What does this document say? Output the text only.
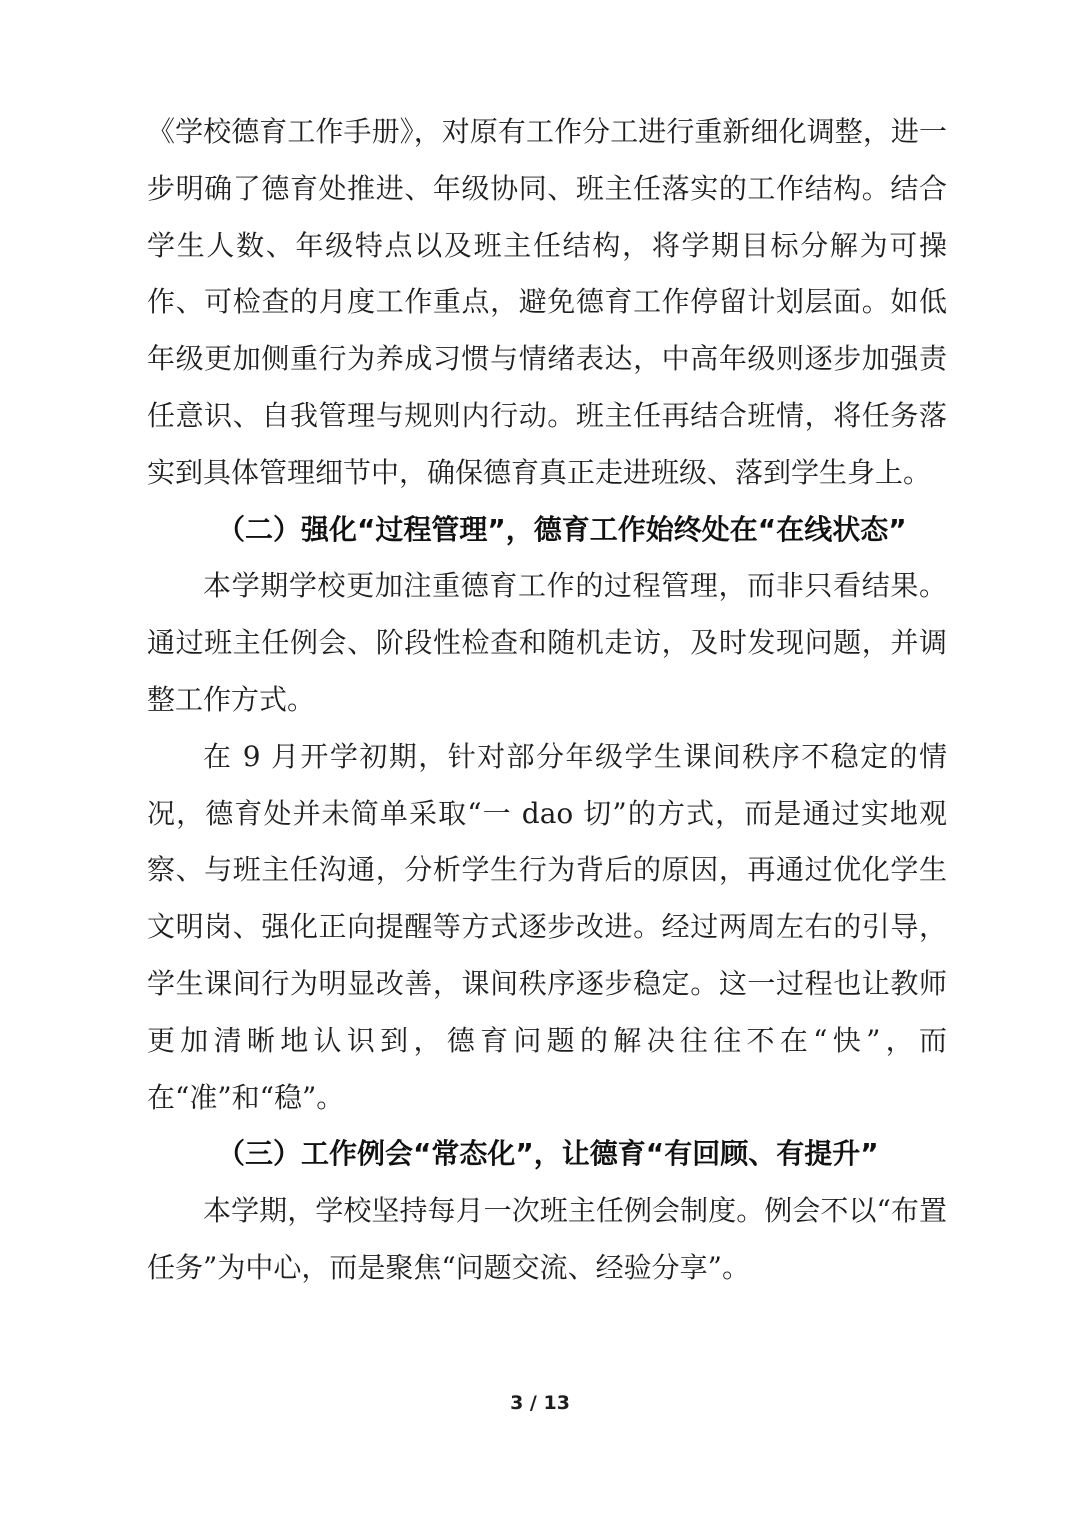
《学校德育工作手册》，对原有工作分工进行重新细化调整，进一步明确了德育处推进、年级协同、班主任落实的工作结构。结合学生人数、年级特点以及班主任结构，将学期目标分解为可操作、可检查的月度工作重点，避免德育工作停留计划层面。如低年级更加侧重行为养成习惯与情绪表达，中高年级则逐步加强责任意识、自我管理与规则内行动。班主任再结合班情，将任务落实到具体管理细节中，确保德育真正走进班级、落到学生身上。
（二）强化“过程管理”，德育工作始终处在“在线状态”
本学期学校更加注重德育工作的过程管理，而非只看结果。通过班主任例会、阶段性检查和随机走访，及时发现问题，并调整工作方式。
在 9 月开学初期，针对部分年级学生课间秩序不稳定的情况，德育处并未简单采取“一 dao 切”的方式，而是通过实地观察、与班主任沟通，分析学生行为背后的原因，再通过优化学生文明岗、强化正向提醒等方式逐步改进。经过两周左右的引导，学生课间行为明显改善，课间秩序逐步稳定。这一过程也让教师更加清晰地认识到，德育问题的解决往往不在“快”，而在“准”和“稳”。
（三）工作例会“常态化”，让德育“有回顾、有提升”
本学期，学校坚持每月一次班主任例会制度。例会不以“布置任务”为中心，而是聚焦“问题交流、经验分享”。
3 / 13
